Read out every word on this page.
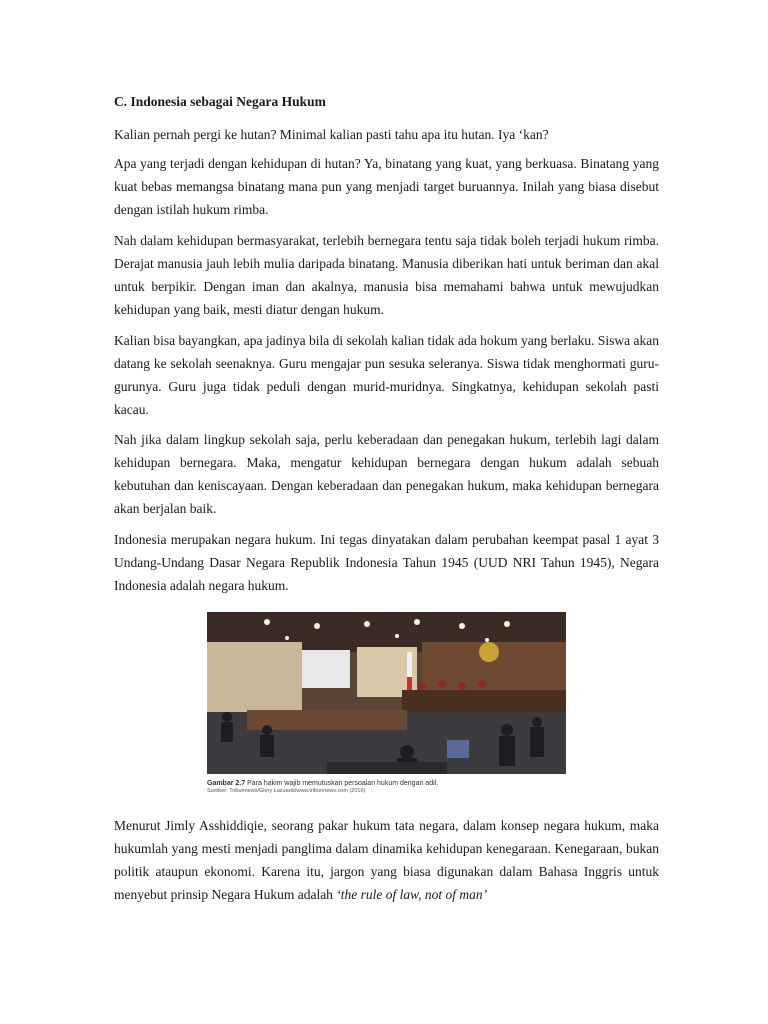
C. Indonesia sebagai Negara Hukum

Kalian pernah pergi ke hutan? Minimal kalian pasti tahu apa itu hutan. Iya ‘kan?

Apa yang terjadi dengan kehidupan di hutan? Ya, binatang yang kuat, yang berkuasa. Binatang yang kuat bebas memangsa binatang mana pun yang menjadi target buruannya. Inilah yang biasa disebut dengan istilah hukum rimba.

Nah dalam kehidupan bermasyarakat, terlebih bernegara tentu saja tidak boleh terjadi hukum rimba. Derajat manusia jauh lebih mulia daripada binatang. Manusia diberikan hati untuk beriman dan akal untuk berpikir. Dengan iman dan akalnya, manusia bisa memahami bahwa untuk mewujudkan kehidupan yang baik, mesti diatur dengan hukum.

Kalian bisa bayangkan, apa jadinya bila di sekolah kalian tidak ada hokum yang berlaku. Siswa akan datang ke sekolah seenaknya. Guru mengajar pun sesuka seleranya. Siswa tidak menghormati guru-gurunya. Guru juga tidak peduli dengan murid-muridnya. Singkatnya, kehidupan sekolah pasti kacau.

Nah jika dalam lingkup sekolah saja, perlu keberadaan dan penegakan hukum, terlebih lagi dalam kehidupan bernegara. Maka, mengatur kehidupan bernegara dengan hukum adalah sebuah kebutuhan dan keniscayaan. Dengan keberadaan dan penegakan hukum, maka kehidupan bernegara akan berjalan baik.

Indonesia merupakan negara hukum. Ini tegas dinyatakan dalam perubahan keempat pasal 1 ayat 3 Undang-Undang Dasar Negara Republik Indonesia Tahun 1945 (UUD NRI Tahun 1945), Negara Indonesia adalah negara hukum.

Gambar 2.7 Para hakim wajib memutuskan persoalan hukum dengan adil.
Sumber: Tribunnews/Glery Lazuardi/www.tribunnews.com (2016)

Menurut Jimly Asshiddiqie, seorang pakar hukum tata negara, dalam konsep negara hukum, maka hukumlah yang mesti menjadi panglima dalam dinamika kehidupan kenegaraan. Kenegaraan, bukan politik ataupun ekonomi. Karena itu, jargon yang biasa digunakan dalam Bahasa Inggris untuk menyebut prinsip Negara Hukum adalah ‘the rule of law, not of man’
